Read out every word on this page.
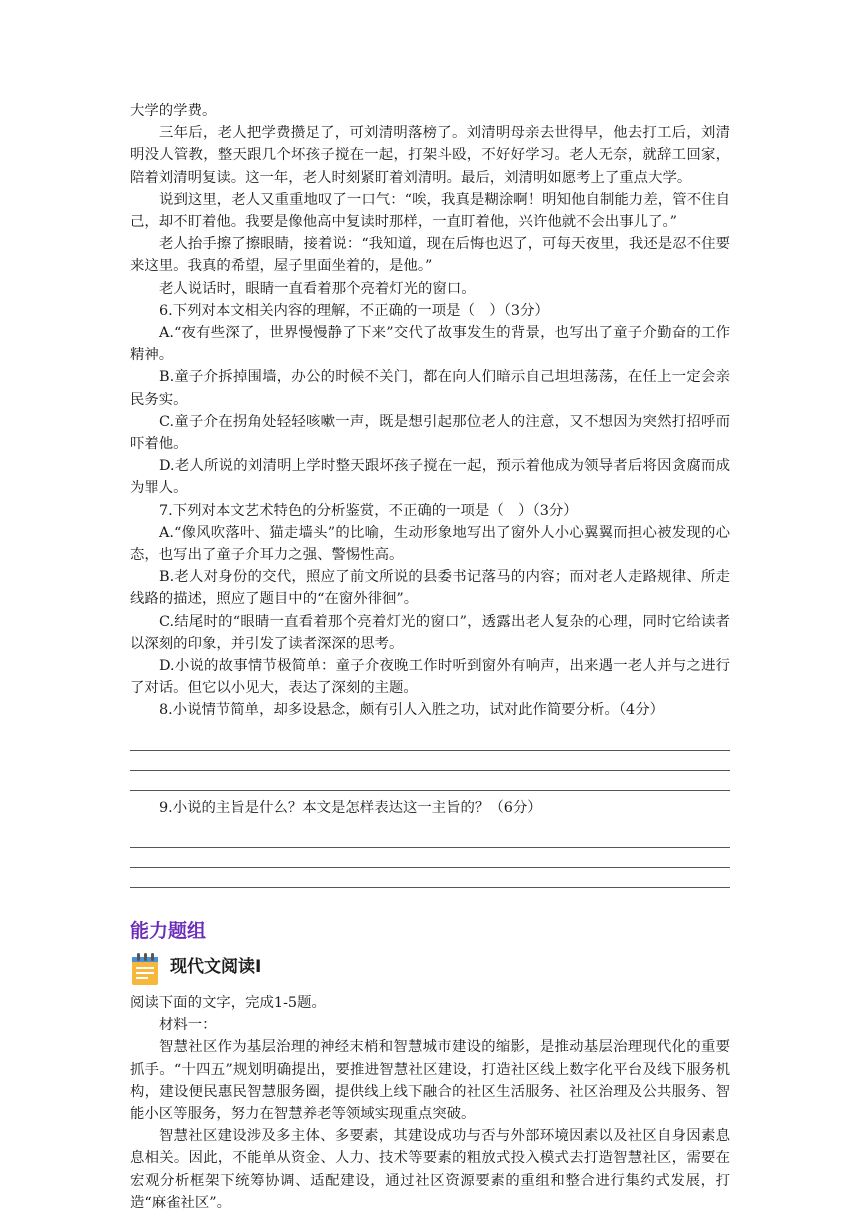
大学的学费。

三年后，老人把学费攒足了，可刘清明落榜了。刘清明母亲去世得早，他去打工后，刘清明没人管教，整天跟几个坏孩子搅在一起，打架斗殴，不好好学习。老人无奈，就辞工回家，陪着刘清明复读。这一年，老人时刻紧盯着刘清明。最后，刘清明如愿考上了重点大学。

说到这里，老人又重重地叹了一口气：“唉，我真是糊涂啊！明知他自制能力差，管不住自己，却不盯着他。我要是像他高中复读时那样，一直盯着他，兴许他就不会出事儿了。”

老人抬手擦了擦眼睛，接着说：“我知道，现在后悔也迟了，可每天夜里，我还是忍不住要来这里。我真的希望，屋子里面坐着的，是他。”

老人说话时，眼睛一直看着那个亮着灯光的窗口。

6.下列对本文相关内容的理解，不正确的一项是（　）（3分）

A.“夜有些深了，世界慢慢静了下来”交代了故事发生的背景，也写出了童子介勤奋的工作精神。

B.童子介拆掉围墙，办公的时候不关门，都在向人们暗示自己坦坦荡荡，在任上一定会亲民务实。

C.童子介在拐角处轻轻咳嗽一声，既是想引起那位老人的注意，又不想因为突然打招呼而吓着他。

D.老人所说的刘清明上学时整天跟坏孩子搅在一起，预示着他成为领导者后将因贪腐而成为罪人。

7.下列对本文艺术特色的分析鉴赏，不正确的一项是（　）（3分）

A.“像风吹落叶、猫走墙头”的比喻，生动形象地写出了窗外人小心翼翼而担心被发现的心态，也写出了童子介耳力之强、警惕性高。

B.老人对身份的交代，照应了前文所说的县委书记落马的内容；而对老人走路规律、所走线路的描述，照应了题目中的“在窗外徘徊”。

C.结尾时的“眼睛一直看着那个亮着灯光的窗口”，透露出老人复杂的心理，同时它给读者以深刻的印象，并引发了读者深深的思考。

D.小说的故事情节极简单：童子介夜晚工作时听到窗外有响声，出来遇一老人并与之进行了对话。但它以小见大，表达了深刻的主题。

8.小说情节简单，却多设悬念，颇有引人入胜之功，试对此作简要分析。（4分）

9.小说的主旨是什么？本文是怎样表达这一主旨的？（6分）

能力题组
现代文阅读Ⅰ

阅读下面的文字，完成1-5题。

材料一：

智慧社区作为基层治理的神经末梢和智慧城市建设的缩影，是推动基层治理现代化的重要抓手。“十四五”规划明确提出，要推进智慧社区建设，打造社区线上数字化平台及线下服务机构，建设便民惠民智慧服务圈，提供线上线下融合的社区生活服务、社区治理及公共服务、智能小区等服务，努力在智慧养老等领域实现重点突破。

智慧社区建设涉及多主体、多要素，其建设成功与否与外部环境因素以及社区自身因素息息相关。因此，不能单从资金、人力、技术等要素的粗放式投入模式去打造智慧社区，需要在宏观分析框架下统筹协调、适配建设，通过社区资源要素的重组和整合进行集约式发展，打造“麻雀社区”。
